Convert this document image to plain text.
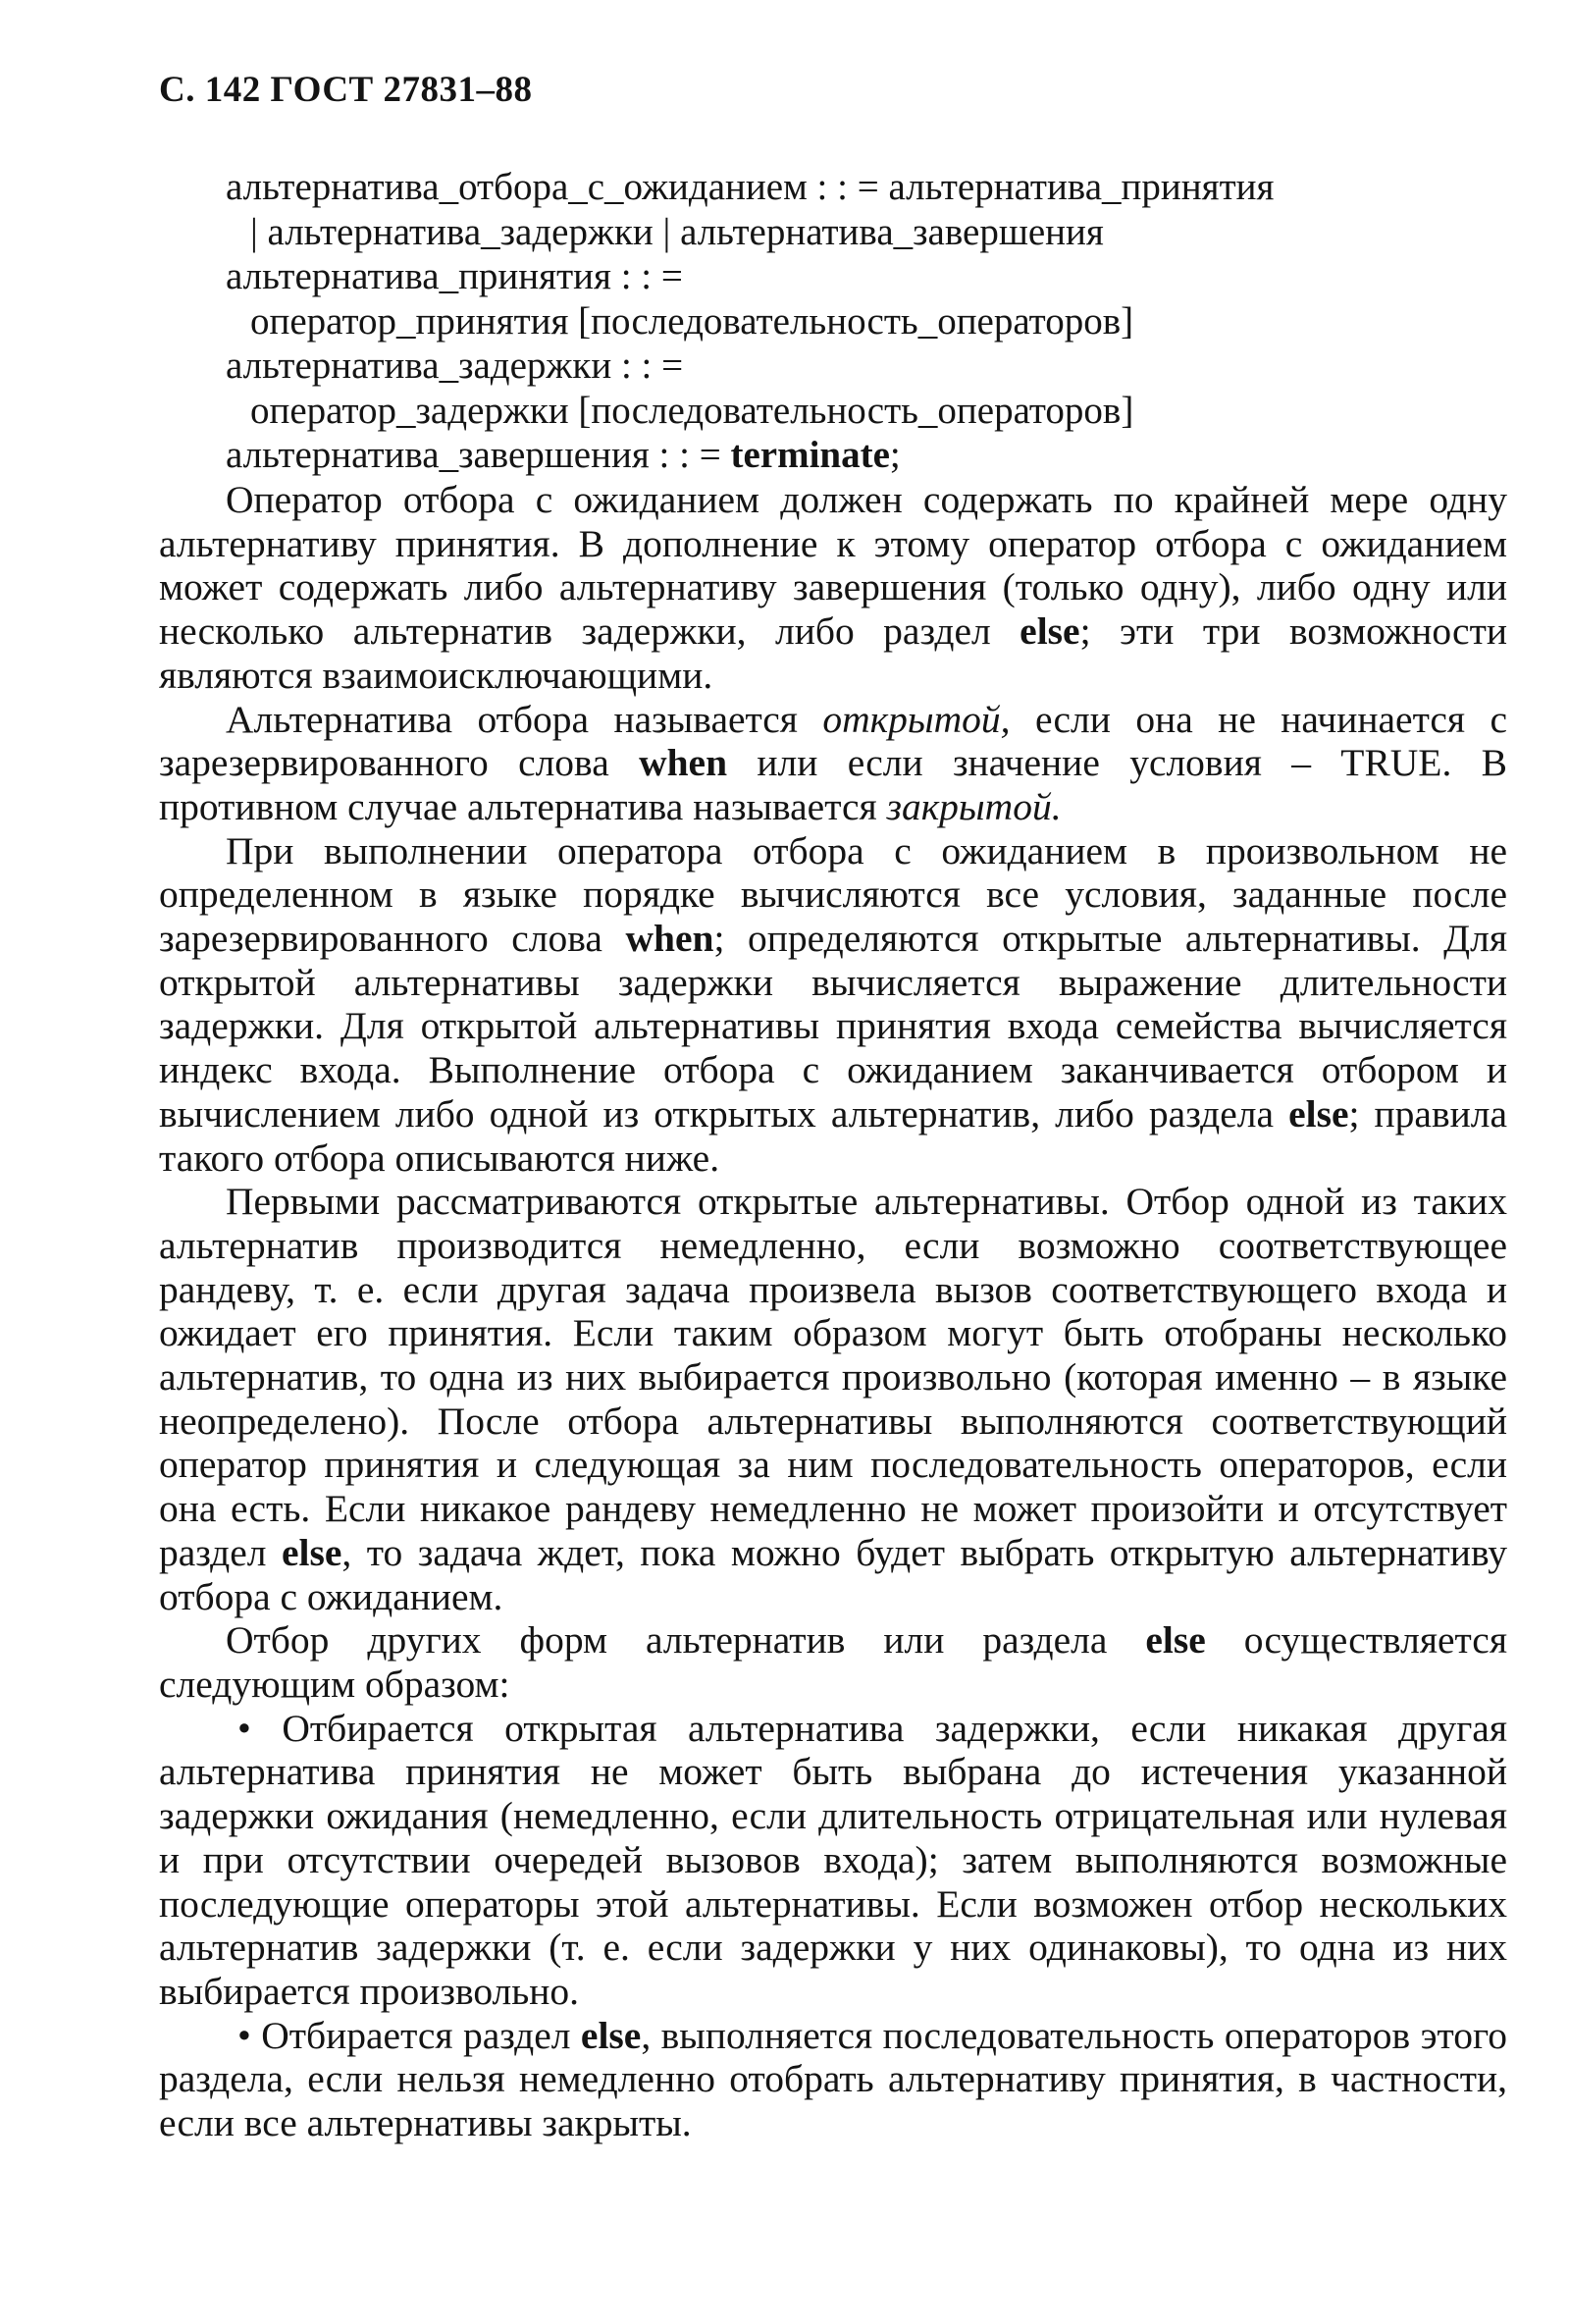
С. 142 ГОСТ 27831–88
альтернатива_отбора_с_ожиданием : : = альтернатива_принятия
| альтернатива_задержки | альтернатива_завершения
альтернатива_принятия : : =
оператор_принятия [последовательность_операторов]
альтернатива_задержки : : =
оператор_задержки [последовательность_операторов]
альтернатива_завершения : : = terminate;

Оператор отбора с ожиданием должен содержать по крайней мере одну альтернативу принятия. В дополнение к этому оператор отбора с ожиданием может содержать либо альтернативу завершения (только одну), либо одну или несколько альтернатив задержки, либо раздел else; эти три возможности являются взаимоисключающими.

Альтернатива отбора называется открытой, если она не начинается с зарезервированного слова when или если значение условия – TRUE. В противном случае альтернатива называется закрытой.

При выполнении оператора отбора с ожиданием в произвольном не определенном в языке порядке вычисляются все условия, заданные после зарезервированного слова when; определяются открытые альтернативы. Для открытой альтернативы задержки вычисляется выражение длительности задержки. Для открытой альтернативы принятия входа семейства вычисляется индекс входа. Выполнение отбора с ожиданием заканчивается отбором и вычислением либо одной из открытых альтернатив, либо раздела else; правила такого отбора описываются ниже.

Первыми рассматриваются открытые альтернативы. Отбор одной из таких альтернатив производится немедленно, если возможно соответствующее рандеву, т. е. если другая задача произвела вызов соответствующего входа и ожидает его принятия. Если таким образом могут быть отобраны несколько альтернатив, то одна из них выбирается произвольно (которая именно – в языке неопределено). После отбора альтернативы выполняются соответствующий оператор принятия и следующая за ним последовательность операторов, если она есть. Если никакое рандеву немедленно не может произойти и отсутствует раздел else, то задача ждет, пока можно будет выбрать открытую альтернативу отбора с ожиданием.

Отбор других форм альтернатив или раздела else осуществляется следующим образом:

• Отбирается открытая альтернатива задержки, если никакая другая альтернатива принятия не может быть выбрана до истечения указанной задержки ожидания (немедленно, если длительность отрицательная или нулевая и при отсутствии очередей вызовов входа); затем выполняются возможные последующие операторы этой альтернативы. Если возможен отбор нескольких альтернатив задержки (т. е. если задержки у них одинаковы), то одна из них выбирается произвольно.

• Отбирается раздел else, выполняется последовательность операторов этого раздела, если нельзя немедленно отобрать альтернативу принятия, в частности, если все альтернативы закрыты.
